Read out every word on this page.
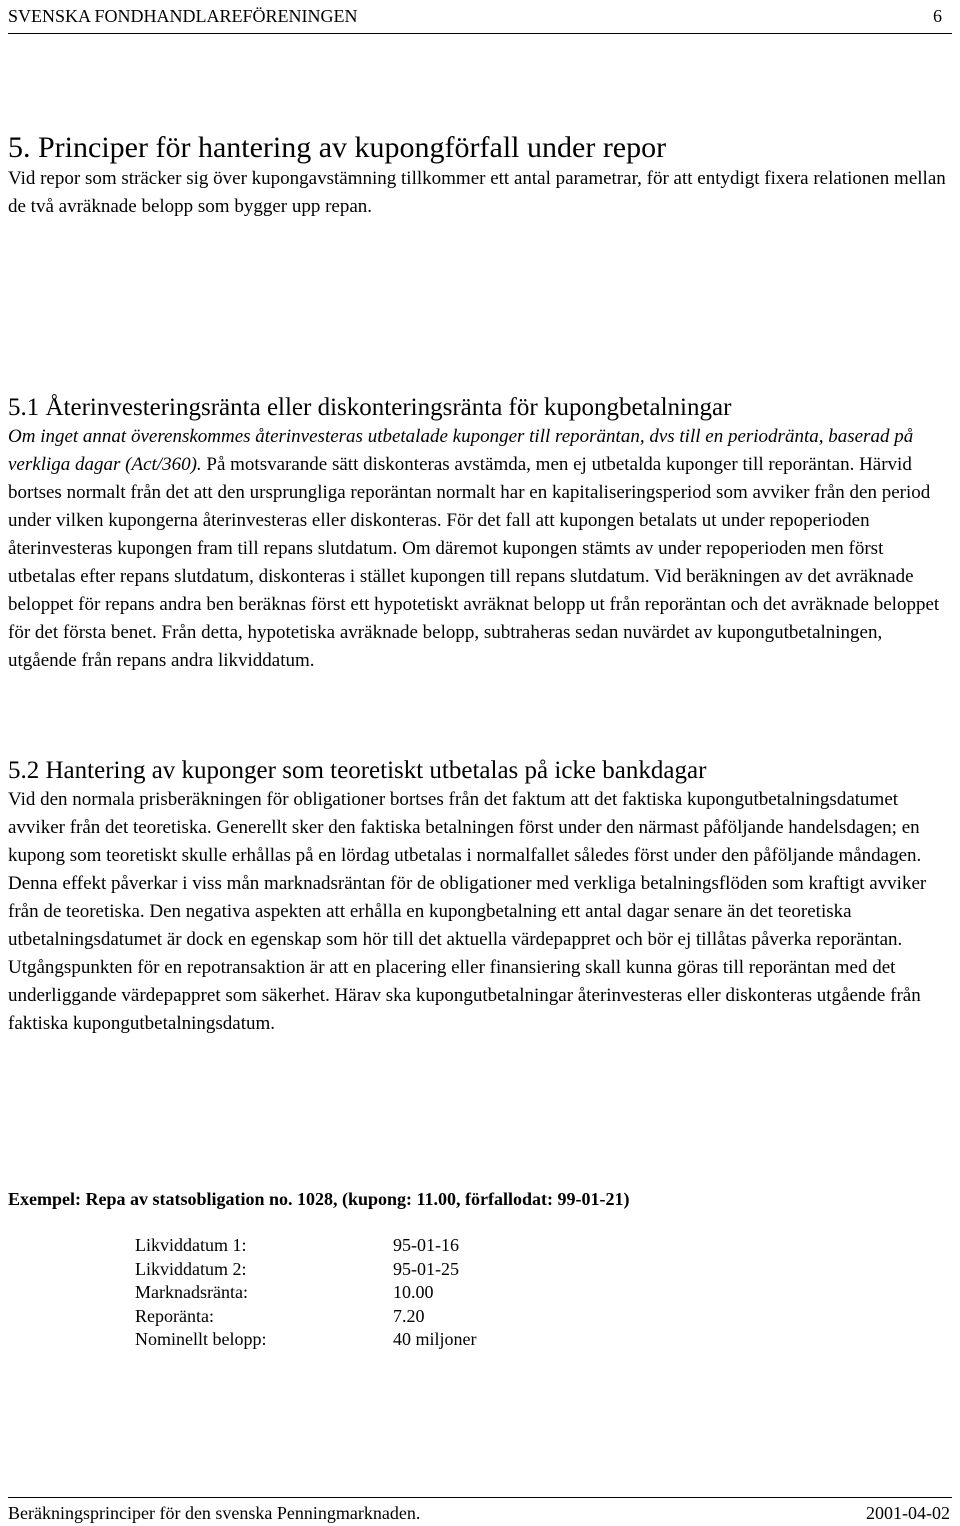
SVENSKA FONDHANDLAREFÖRENINGEN	6
5. Principer för hantering av kupongförfall under repor

Vid repor som sträcker sig över kupongavstämning tillkommer ett antal parametrar, för att entydigt fixera relationen mellan de två avräknade belopp som bygger upp repan.

5.1 Återinvesteringsränta eller diskonteringsränta för kupongbetalningar

Om inget annat överenskommes återinvesteras utbetalade kuponger till reporäntan, dvs till en periodränta, baserad på verkliga dagar (Act/360). På motsvarande sätt diskonteras avstämda, men ej utbetalda kuponger till reporäntan. Härvid bortses normalt från det att den ursprungliga reporäntan normalt har en kapitaliseringsperiod som avviker från den period under vilken kupongerna återinvesteras eller diskonteras. För det fall att kupongen betalats ut under repoperioden återinvesteras kupongen fram till repans slutdatum. Om däremot kupongen stämts av under repoperioden men först utbetalas efter repans slutdatum, diskonteras i stället kupongen till repans slutdatum. Vid beräkningen av det avräknade beloppet för repans andra ben beräknas först ett hypotetiskt avräknat belopp ut från reporäntan och det avräknade beloppet för det första benet. Från detta, hypotetiska avräknade belopp, subtraheras sedan nuvärdet av kupongutbetalningen, utgående från repans andra likviddatum.

5.2 Hantering av kuponger som teoretiskt utbetalas på icke bankdagar

Vid den normala prisberäkningen för obligationer bortses från det faktum att det faktiska kupongutbetalningsdatumet avviker från det teoretiska. Generellt sker den faktiska betalningen först under den närmast påföljande handelsdagen; en kupong som teoretiskt skulle erhållas på en lördag utbetalas i normalfallet således först under den påföljande måndagen. Denna effekt påverkar i viss mån marknadsräntan för de obligationer med verkliga betalningsflöden som kraftigt avviker från de teoretiska. Den negativa aspekten att erhålla en kupongbetalning ett antal dagar senare än det teoretiska utbetalningsdatumet är dock en egenskap som hör till det aktuella värdepappret och bör ej tillåtas påverka reporäntan. Utgångspunkten för en repotransaktion är att en placering eller finansiering skall kunna göras till reporäntan med det underliggande värdepappret som säkerhet. Härav ska kupongutbetalningar återinvesteras eller diskonteras utgående från faktiska kupongutbetalningsdatum.

Exempel: Repa av statsobligation no. 1028, (kupong: 11.00, förfallodat: 99-01-21)

Likviddatum 1:	95-01-16
Likviddatum 2:	95-01-25
Marknadsränta:	10.00
Reporänta:	7.20
Nominellt belopp:	40 miljoner
Beräkningsprinciper för den svenska Penningmarknaden.	2001-04-02
